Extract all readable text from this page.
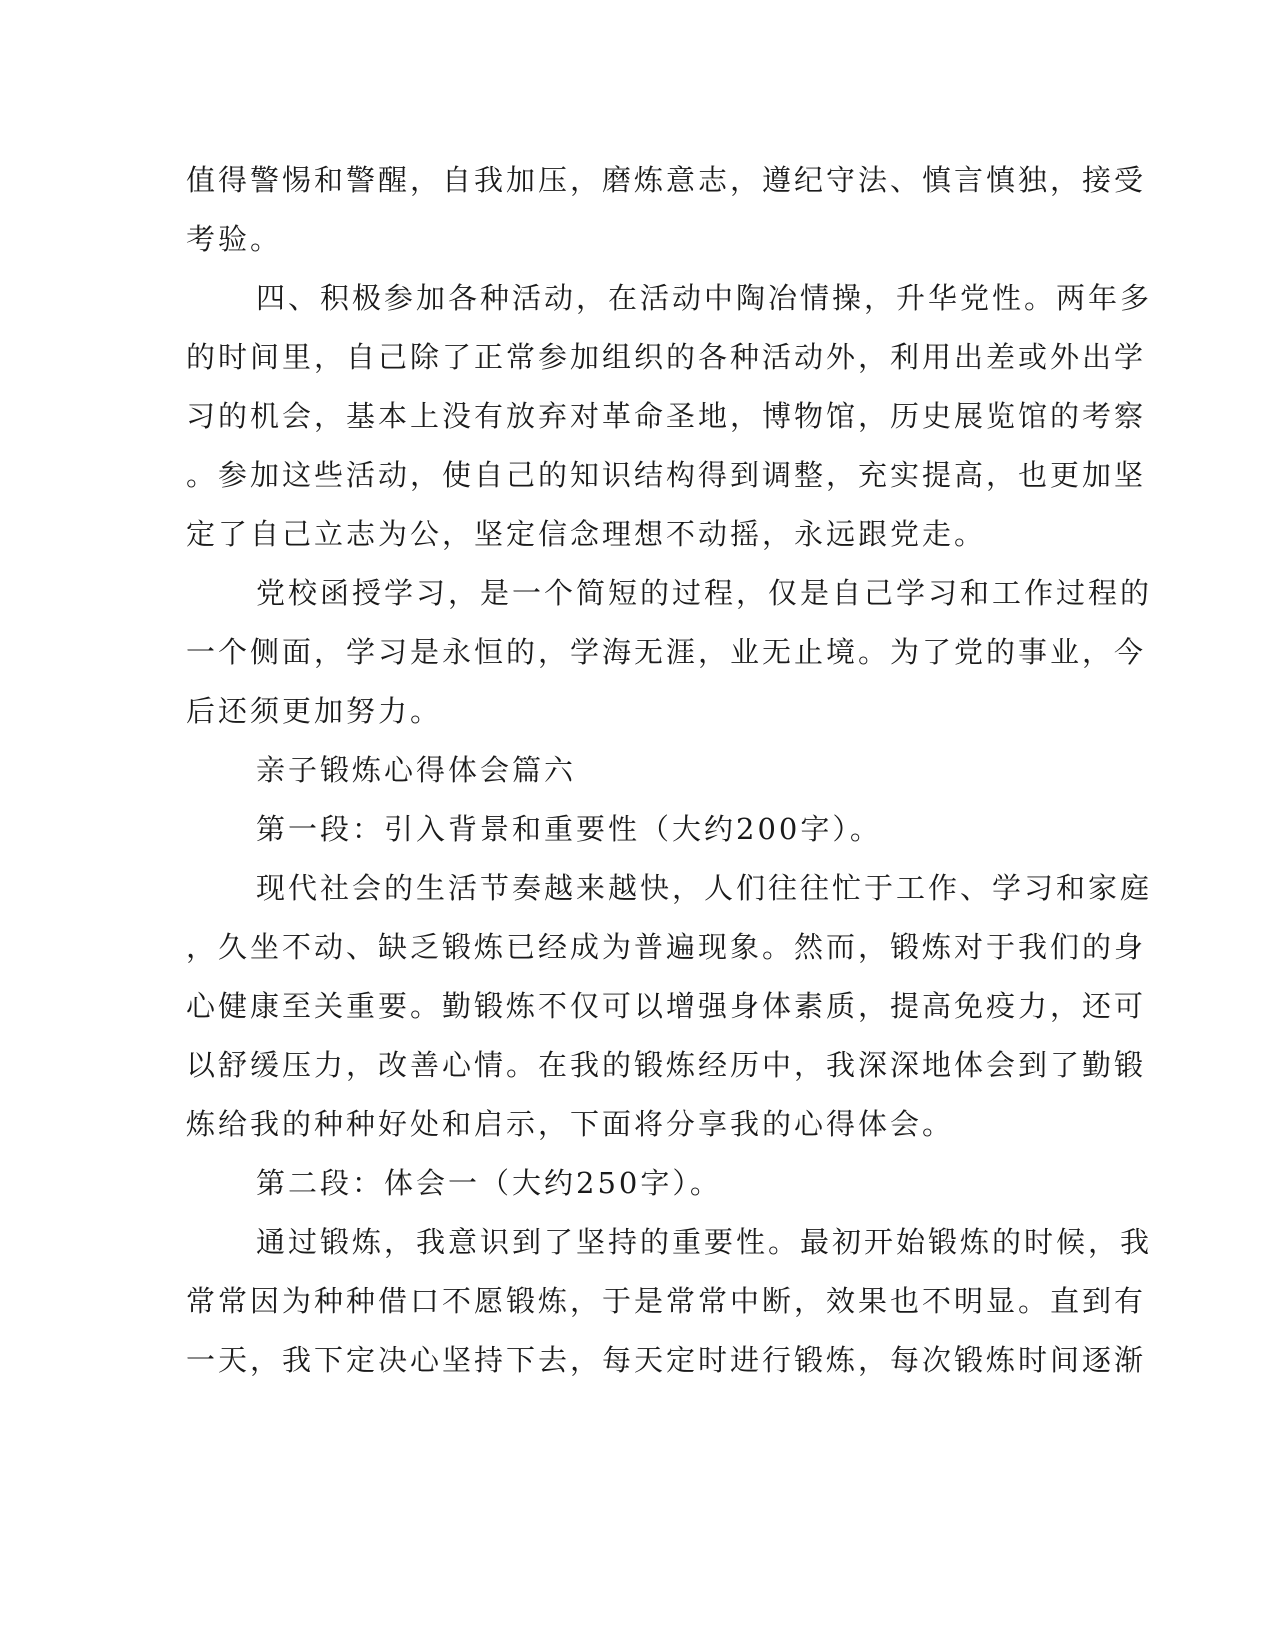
值得警惕和警醒，自我加压，磨炼意志，遵纪守法、慎言慎独，接受
考验。
四、积极参加各种活动，在活动中陶冶情操，升华党性。两年多
的时间里，自己除了正常参加组织的各种活动外，利用出差或外出学
习的机会，基本上没有放弃对革命圣地，博物馆，历史展览馆的考察
。参加这些活动，使自己的知识结构得到调整，充实提高，也更加坚
定了自己立志为公，坚定信念理想不动摇，永远跟党走。
党校函授学习，是一个简短的过程，仅是自己学习和工作过程的
一个侧面，学习是永恒的，学海无涯，业无止境。为了党的事业，今
后还须更加努力。
亲子锻炼心得体会篇六
第一段：引入背景和重要性（大约200字）。
现代社会的生活节奏越来越快，人们往往忙于工作、学习和家庭
，久坐不动、缺乏锻炼已经成为普遍现象。然而，锻炼对于我们的身
心健康至关重要。勤锻炼不仅可以增强身体素质，提高免疫力，还可
以舒缓压力，改善心情。在我的锻炼经历中，我深深地体会到了勤锻
炼给我的种种好处和启示，下面将分享我的心得体会。
第二段：体会一（大约250字）。
通过锻炼，我意识到了坚持的重要性。最初开始锻炼的时候，我
常常因为种种借口不愿锻炼，于是常常中断，效果也不明显。直到有
一天，我下定决心坚持下去，每天定时进行锻炼，每次锻炼时间逐渐
